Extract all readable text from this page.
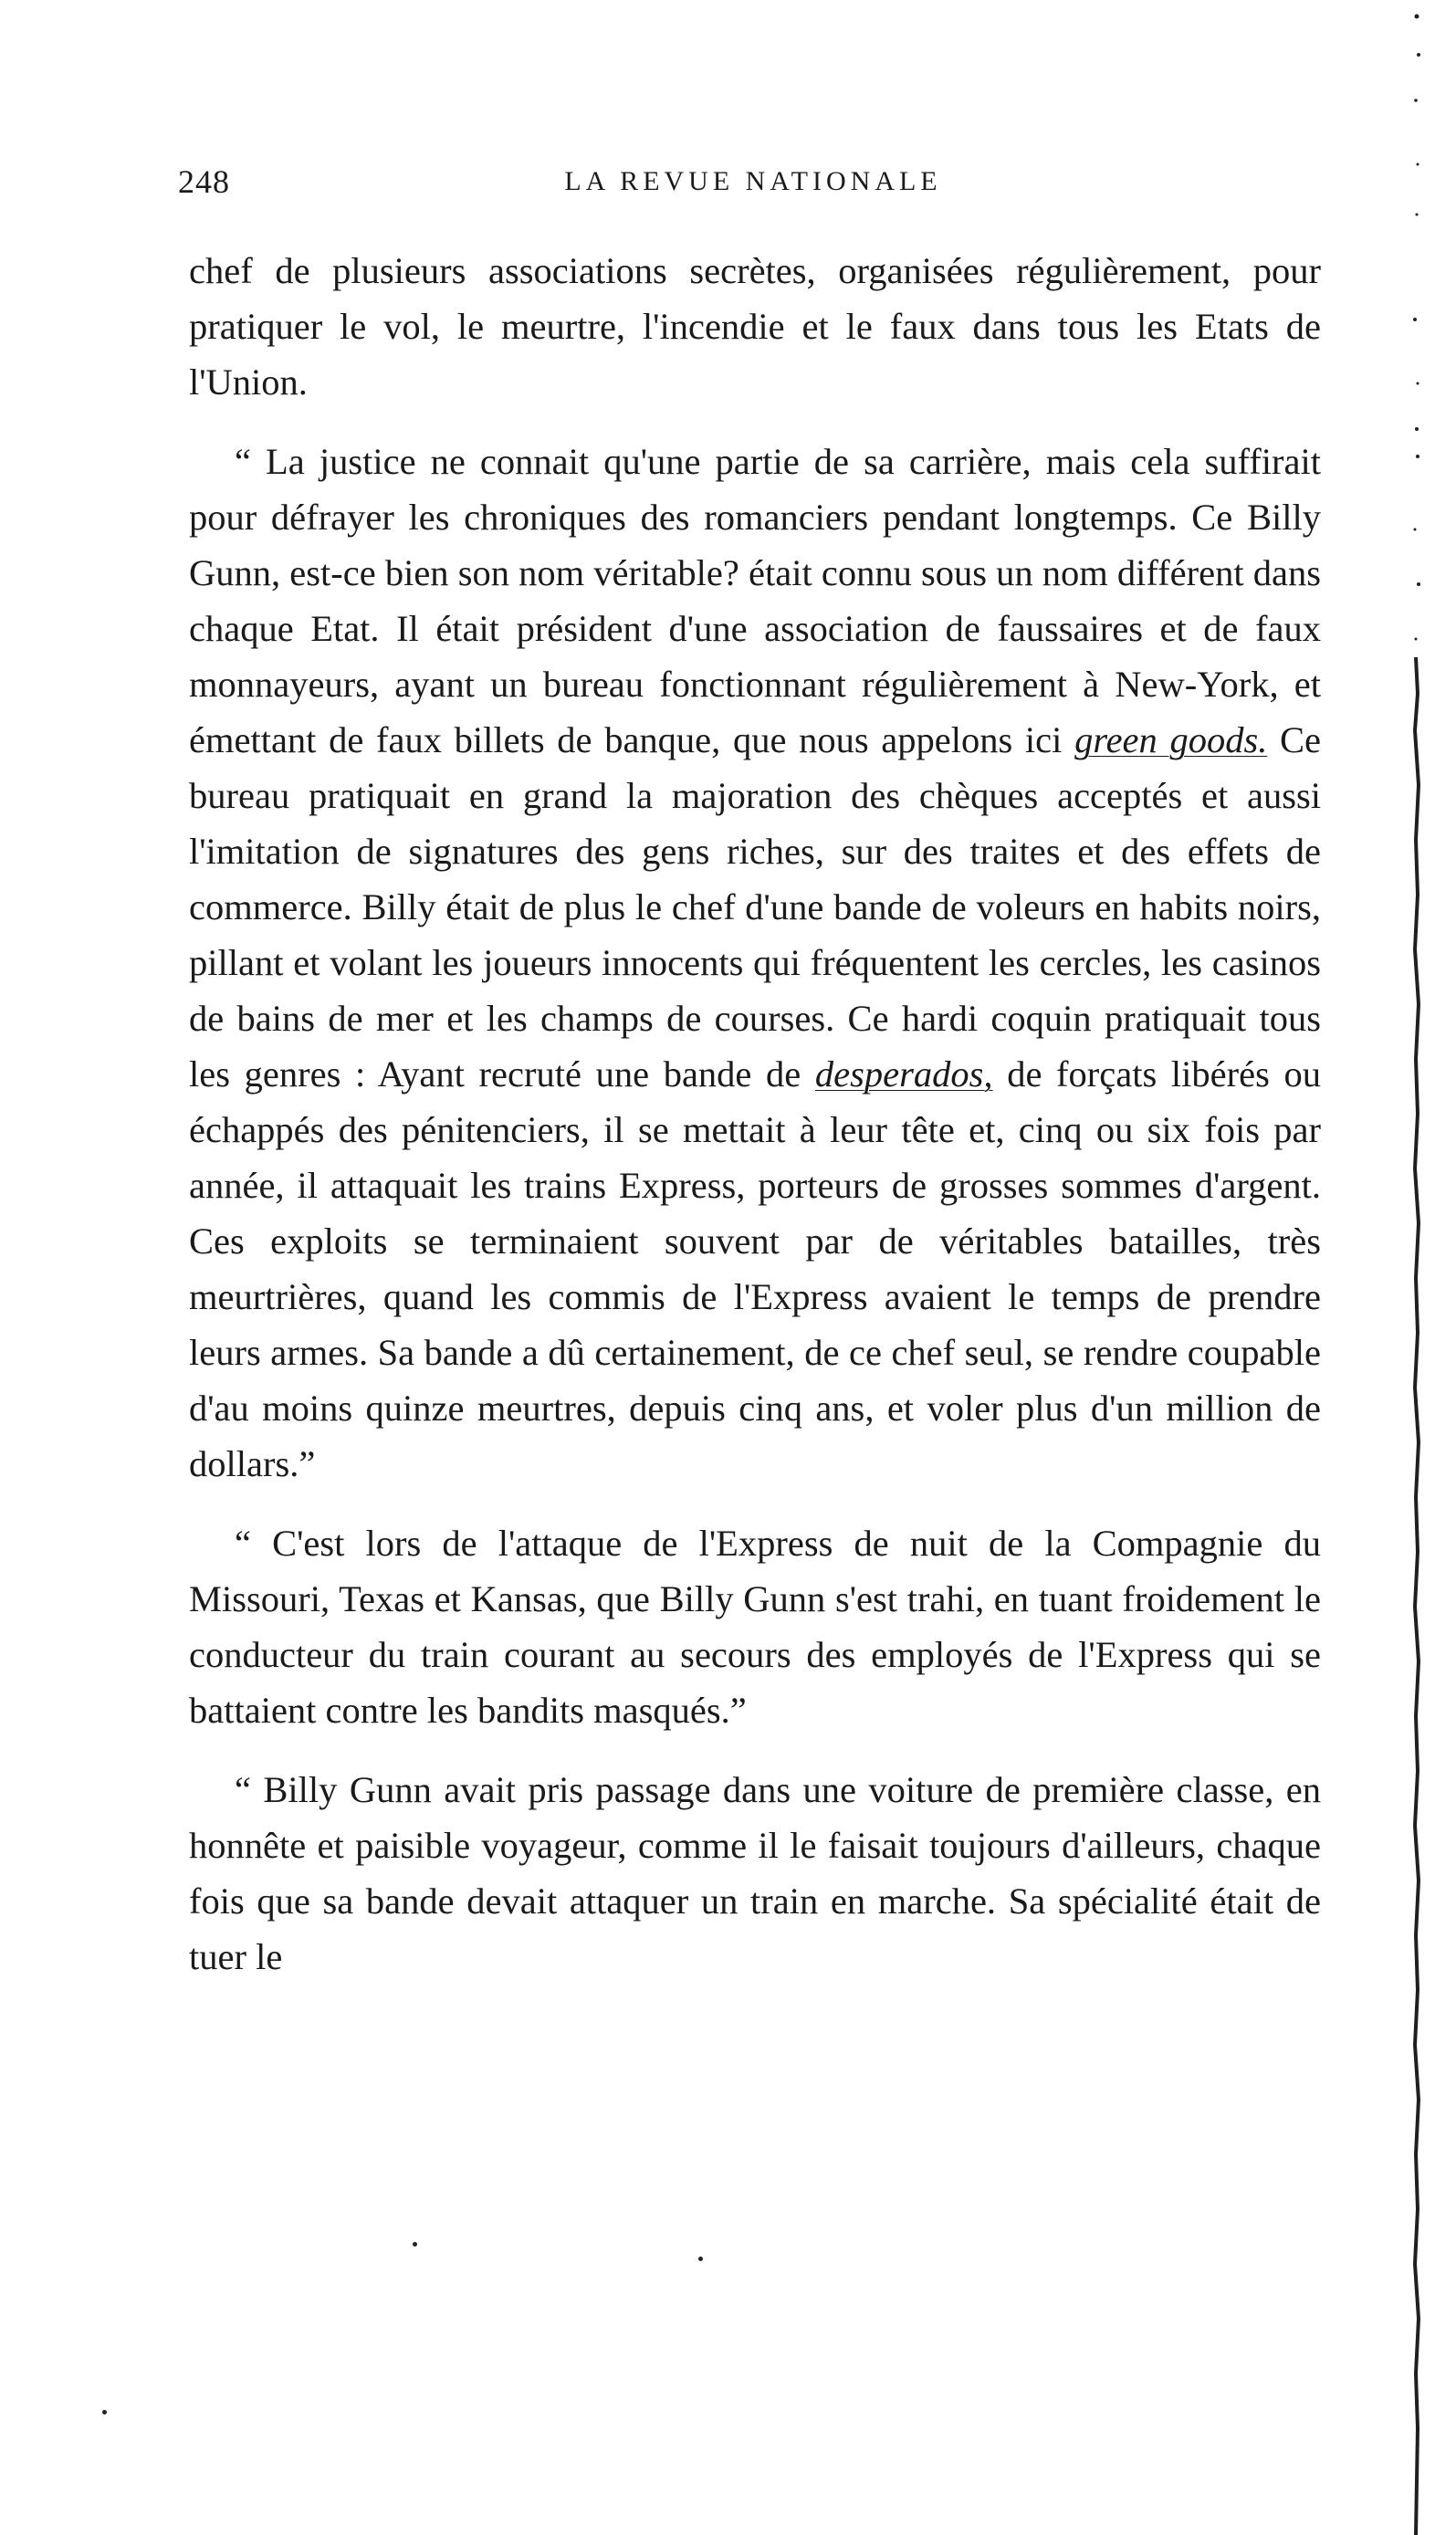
248	LA REVUE NATIONALE

chef de plusieurs associations secrètes, organisées régulièrement, pour pratiquer le vol, le meurtre, l'incendie et le faux dans tous les Etats de l'Union.

“ La justice ne connait qu'une partie de sa carrière, mais cela suffirait pour défrayer les chroniques des romanciers pendant longtemps. Ce Billy Gunn, est-ce bien son nom véritable? était connu sous un nom différent dans chaque Etat. Il était président d'une association de faussaires et de faux monnayeurs, ayant un bureau fonctionnant régulièrement à New-York, et émettant de faux billets de banque, que nous appelons ici green goods. Ce bureau pratiquait en grand la majoration des chèques acceptés et aussi l'imitation de signatures des gens riches, sur des traites et des effets de commerce. Billy était de plus le chef d'une bande de voleurs en habits noirs, pillant et volant les joueurs innocents qui fréquentent les cercles, les casinos de bains de mer et les champs de courses. Ce hardi coquin pratiquait tous les genres : Ayant recruté une bande de desperados, de forçats libérés ou échappés des pénitenciers, il se mettait à leur tête et, cinq ou six fois par année, il attaquait les trains Express, porteurs de grosses sommes d'argent. Ces exploits se terminaient souvent par de véritables batailles, très meurtrières, quand les commis de l'Express avaient le temps de prendre leurs armes. Sa bande a dû certainement, de ce chef seul, se rendre coupable d'au moins quinze meurtres, depuis cinq ans, et voler plus d'un million de dollars.”

“ C'est lors de l'attaque de l'Express de nuit de la Compagnie du Missouri, Texas et Kansas, que Billy Gunn s'est trahi, en tuant froidement le conducteur du train courant au secours des employés de l'Express qui se battaient contre les bandits masqués.”

“ Billy Gunn avait pris passage dans une voiture de première classe, en honnête et paisible voyageur, comme il le faisait toujours d'ailleurs, chaque fois que sa bande devait attaquer un train en marche. Sa spécialité était de tuer le
